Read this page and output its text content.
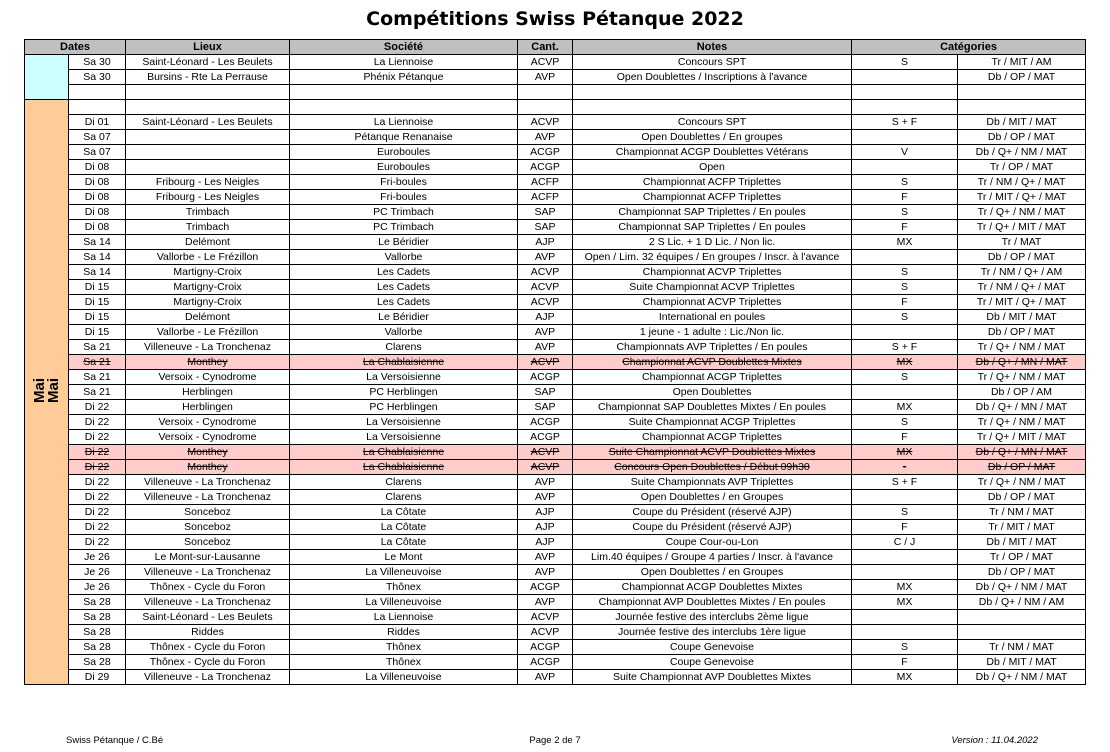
Compétitions Swiss Pétanque 2022
Dates		Lieux	Société	Cant.	Notes	Catégories	
	Sa 30	Saint-Léonard - Les Beulets	La Liennoise	ACVP	Concours SPT	S	Tr / MIT / AM
	Sa 30	Bursins - Rte La Perrause	Phénix Pétanque	AVP	Open Doublettes / Inscriptions à l'avance		Db / OP / MAT

Mai
Mai							
	Di 01	Saint-Léonard - Les Beulets	La Liennoise	ACVP	Concours SPT	S + F	Db / MIT / MAT
	Sa 07		Pétanque Renanaise	AVP	Open Doublettes / En groupes		Db / OP / MAT
	Sa 07		Euroboules	ACGP	Championnat ACGP Doublettes Vétérans	V	Db / Q+ / NM / MAT
	Di 08		Euroboules	ACGP	Open		Tr / OP / MAT
	Di 08	Fribourg - Les Neigles	Fri-boules	ACFP	Championnat ACFP Triplettes	S	Tr / NM / Q+ / MAT
	Di 08	Fribourg - Les Neigles	Fri-boules	ACFP	Championnat ACFP Triplettes	F	Tr / MIT / Q+ / MAT
	Di 08	Trimbach	PC Trimbach	SAP	Championnat SAP Triplettes / En poules	S	Tr / Q+ / NM / MAT
	Di 08	Trimbach	PC Trimbach	SAP	Championnat SAP Triplettes / En poules	F	Tr / Q+ / MIT / MAT
	Sa 14	Delémont	Le Béridier	AJP	2 S Lic. + 1 D Lic. / Non lic.	MX	Tr / MAT
	Sa 14	Vallorbe - Le Frézillon	Vallorbe	AVP	Open / Lim. 32 équipes / En groupes / Inscr. à l'avance		Db / OP / MAT
	Sa 14	Martigny-Croix	Les Cadets	ACVP	Championnat ACVP Triplettes	S	Tr / NM / Q+ / AM
	Di 15	Martigny-Croix	Les Cadets	ACVP	Suite Championnat ACVP Triplettes	S	Tr / NM / Q+ / MAT
	Di 15	Martigny-Croix	Les Cadets	ACVP	Championnat ACVP Triplettes	F	Tr / MIT / Q+ / MAT
	Di 15	Delémont	Le Béridier	AJP	International en poules	S	Db / MIT / MAT
	Di 15	Vallorbe - Le Frézillon	Vallorbe	AVP	1 jeune - 1 adulte : Lic./Non lic.		Db / OP / MAT
	Sa 21	Villeneuve - La Tronchenaz	Clarens	AVP	Championnats AVP Triplettes / En poules	S + F	Tr / Q+ / NM / MAT
	Sa 21	Monthey	La Chablaisienne	ACVP	Championnat ACVP Doublettes Mixtes	MX	Db / Q+ / MN / MAT
	Sa 21	Versoix - Cynodrome	La Versoisienne	ACGP	Championnat ACGP Triplettes	S	Tr / Q+ / NM / MAT
	Sa 21	Herblingen	PC Herblingen	SAP	Open Doublettes		Db / OP / AM
	Di 22	Herblingen	PC Herblingen	SAP	Championnat SAP Doublettes Mixtes / En poules	MX	Db / Q+ / MN / MAT
	Di 22	Versoix - Cynodrome	La Versoisienne	ACGP	Suite Championnat ACGP Triplettes	S	Tr / Q+ / NM / MAT
	Di 22	Versoix - Cynodrome	La Versoisienne	ACGP	Championnat ACGP Triplettes	F	Tr / Q+ / MIT / MAT
	Di 22	Monthey	La Chablaisienne	ACVP	Suite Championnat ACVP Doublettes Mixtes	MX	Db / Q+ / MN / MAT
	Di 22	Monthey	La Chablaisienne	ACVP	Concours Open Doublettes / Début 09h30	-	Db / OP / MAT
	Di 22	Villeneuve - La Tronchenaz	Clarens	AVP	Suite Championnats AVP Triplettes	S + F	Tr / Q+ / NM / MAT
	Di 22	Villeneuve - La Tronchenaz	Clarens	AVP	Open Doublettes / en Groupes		Db / OP / MAT
	Di 22	Sonceboz	La Côtate	AJP	Coupe du Président (réservé AJP)	S	Tr / NM / MAT
	Di 22	Sonceboz	La Côtate	AJP	Coupe du Président (réservé AJP)	F	Tr / MIT / MAT
	Di 22	Sonceboz	La Côtate	AJP	Coupe Cour-ou-Lon	C / J	Db / MIT / MAT
	Je 26	Le Mont-sur-Lausanne	Le Mont	AVP	Lim.40 équipes / Groupe 4 parties / Inscr. à l'avance		Tr / OP / MAT
	Je 26	Villeneuve - La Tronchenaz	La Villeneuvoise	AVP	Open Doublettes / en Groupes		Db / OP / MAT
	Je 26	Thônex - Cycle du Foron	Thônex	ACGP	Championnat ACGP Doublettes Mixtes	MX	Db / Q+ / NM / MAT
	Sa 28	Villeneuve - La Tronchenaz	La Villeneuvoise	AVP	Championnat AVP Doublettes Mixtes / En poules	MX	Db / Q+ / NM / AM
	Sa 28	Saint-Léonard - Les Beulets	La Liennoise	ACVP	Journée festive des interclubs 2ème ligue		
	Sa 28	Riddes	Riddes	ACVP	Journée festive des interclubs 1ère ligue		
	Sa 28	Thônex - Cycle du Foron	Thônex	ACGP	Coupe Genevoise	S	Tr / NM / MAT
	Sa 28	Thônex - Cycle du Foron	Thônex	ACGP	Coupe Genevoise	F	Db / MIT / MAT
	Di 29	Villeneuve - La Tronchenaz	La Villeneuvoise	AVP	Suite Championnat AVP Doublettes Mixtes	MX	Db / Q+ / NM / MAT
Swiss Pétanque / C.Bé	Page 2 de 7	Version : 11.04.2022
